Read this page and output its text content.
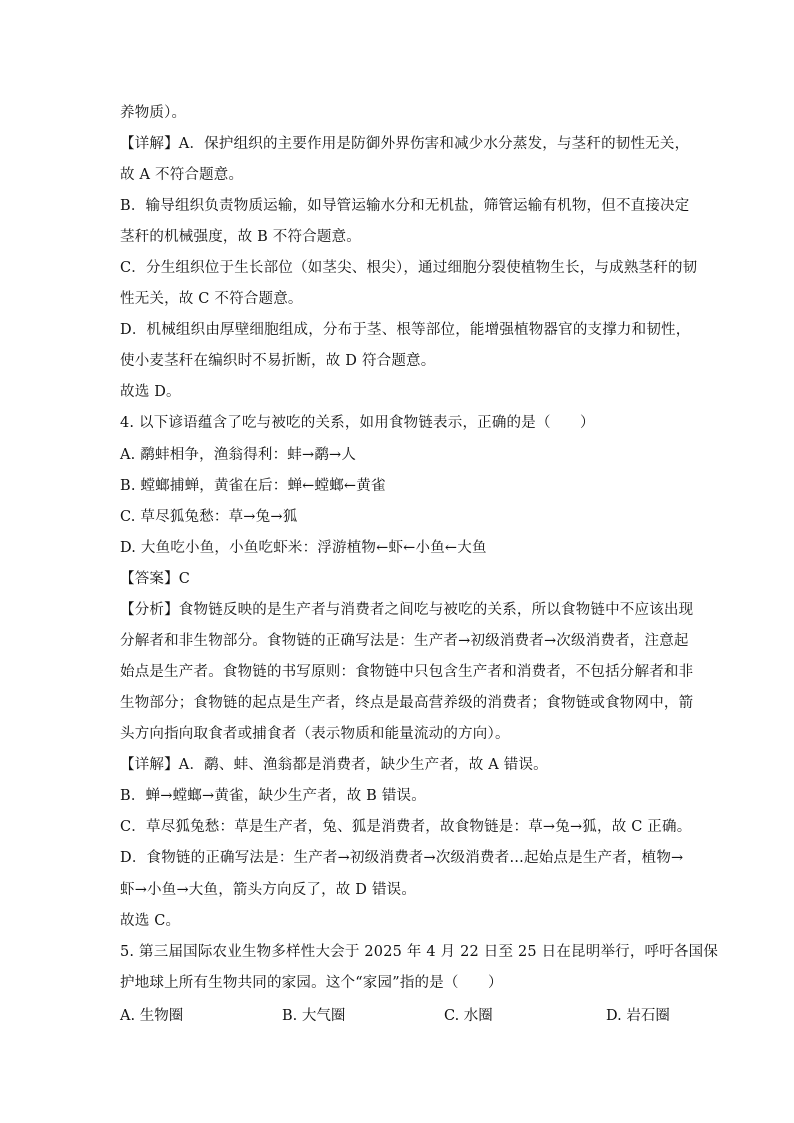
养物质）。
【详解】A．保护组织的主要作用是防御外界伤害和减少水分蒸发，与茎秆的韧性无关，
故 A 不符合题意。
B．输导组织负责物质运输，如导管运输水分和无机盐，筛管运输有机物，但不直接决定
茎秆的机械强度，故 B 不符合题意。
C．分生组织位于生长部位（如茎尖、根尖），通过细胞分裂使植物生长，与成熟茎秆的韧
性无关，故 C 不符合题意。
D．机械组织由厚壁细胞组成，分布于茎、根等部位，能增强植物器官的支撑力和韧性，
使小麦茎秆在编织时不易折断，故 D 符合题意。
故选 D。
4. 以下谚语蕴含了吃与被吃的关系，如用食物链表示，正确的是（　　）
A. 鹬蚌相争，渔翁得利：蚌→鹬→人
B. 螳螂捕蝉，黄雀在后：蝉←螳螂←黄雀
C. 草尽狐兔愁：草→兔→狐
D. 大鱼吃小鱼，小鱼吃虾米：浮游植物←虾←小鱼←大鱼
【答案】C
【分析】食物链反映的是生产者与消费者之间吃与被吃的关系，所以食物链中不应该出现
分解者和非生物部分。食物链的正确写法是：生产者→初级消费者→次级消费者，注意起
始点是生产者。食物链的书写原则：食物链中只包含生产者和消费者，不包括分解者和非
生物部分；食物链的起点是生产者，终点是最高营养级的消费者；食物链或食物网中，箭
头方向指向取食者或捕食者（表示物质和能量流动的方向）。
【详解】A．鹬、蚌、渔翁都是消费者，缺少生产者，故 A 错误。
B．蝉→螳螂→黄雀，缺少生产者，故 B 错误。
C．草尽狐兔愁：草是生产者，兔、狐是消费者，故食物链是：草→兔→狐，故 C 正确。
D．食物链的正确写法是：生产者→初级消费者→次级消费者…起始点是生产者，植物→
虾→小鱼→大鱼，箭头方向反了，故 D 错误。
故选 C。
5. 第三届国际农业生物多样性大会于 2025 年 4 月 22 日至 25 日在昆明举行，呼吁各国保
护地球上所有生物共同的家园。这个“家园”指的是（　　）
A. 生物圈	B. 大气圈	C. 水圈	D. 岩石圈
